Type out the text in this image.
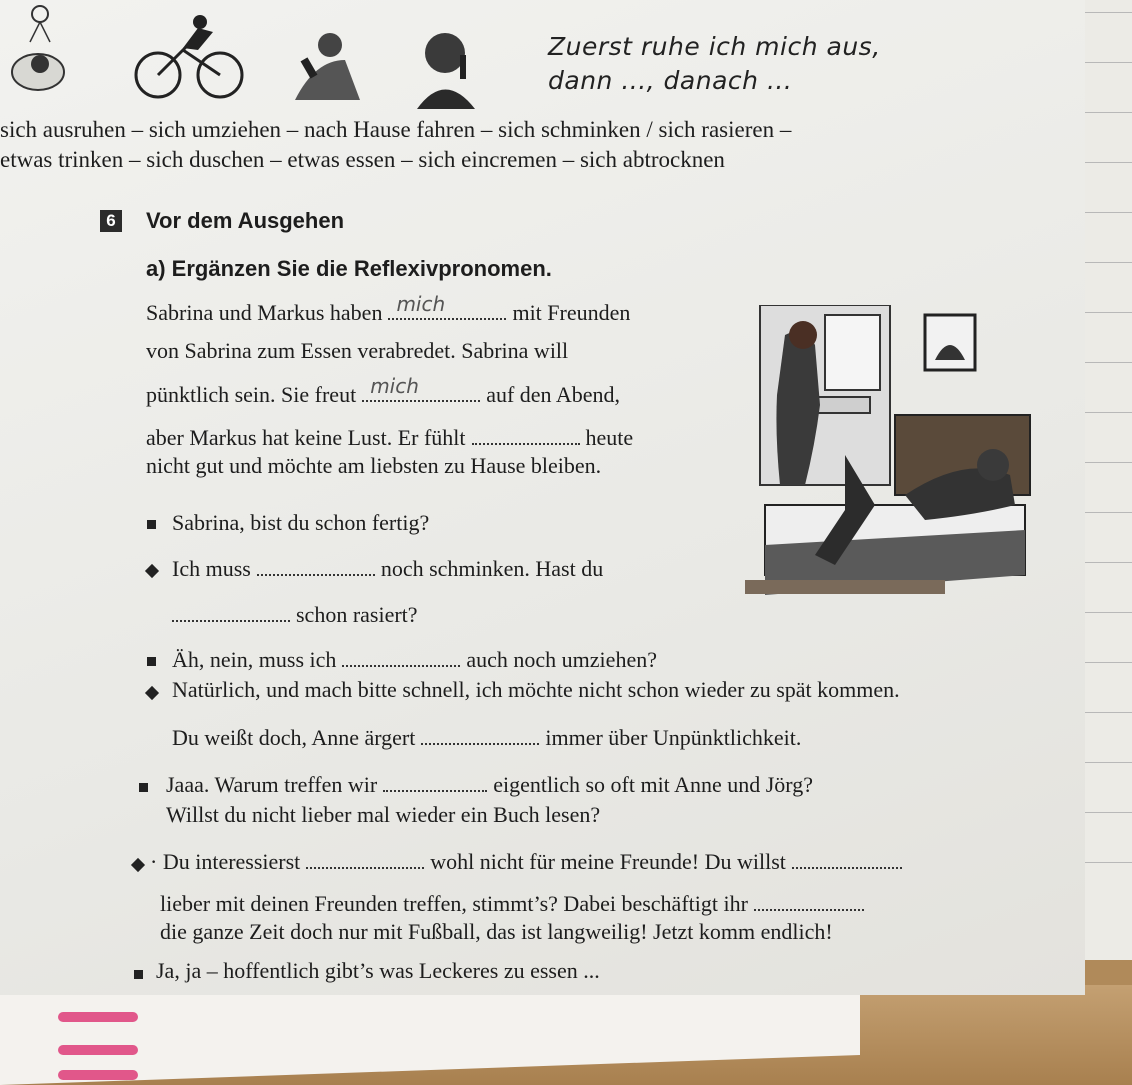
Zuerst ruhe ich mich aus,
dann ..., danach ...
sich ausruhen – sich umziehen – nach Hause fahren – sich schminken / sich rasieren –
etwas trinken – sich duschen – etwas essen – sich eincremen – sich abtrocknen
6 Vor dem Ausgehen
a) Ergänzen Sie die Reflexivpronomen.
Sabrina und Markus haben mich	mit Freunden
von Sabrina zum Essen verabredet. Sabrina will
pünktlich sein. Sie freut mich	auf den Abend,
aber Markus hat keine Lust. Er fühlt	heute
nicht gut und möchte am liebsten zu Hause bleiben.
Sabrina, bist du schon fertig?
Ich muss	noch schminken. Hast du
schon rasiert?
Äh, nein, muss ich	auch noch umziehen?
Natürlich, und mach bitte schnell, ich möchte nicht schon wieder zu spät kommen.
Du weißt doch, Anne ärgert	immer über Unpünktlichkeit.
Jaaa. Warum treffen wir	eigentlich so oft mit Anne und Jörg?
Willst du nicht lieber mal wieder ein Buch lesen?
· Du interessierst	wohl nicht für meine Freunde! Du willst
lieber mit deinen Freunden treffen, stimmt’s? Dabei beschäftigt ihr
die ganze Zeit doch nur mit Fußball, das ist langweilig! Jetzt komm endlich!
Ja, ja – hoffentlich gibt’s was Leckeres zu essen ...
